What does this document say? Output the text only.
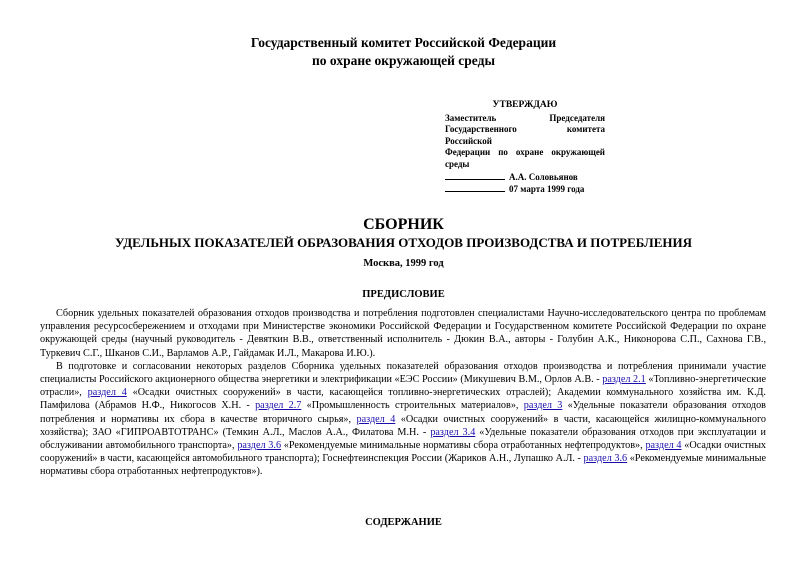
Государственный комитет Российской Федерации
по охране окружающей среды
УТВЕРЖДАЮ
Заместитель Председателя
Государственного комитета Российской
Федерации по охране окружающей
среды
А.А. Соловьянов
07 марта 1999 года
СБОРНИК
УДЕЛЬНЫХ ПОКАЗАТЕЛЕЙ ОБРАЗОВАНИЯ ОТХОДОВ ПРОИЗВОДСТВА И ПОТРЕБЛЕНИЯ
Москва, 1999 год
ПРЕДИСЛОВИЕ

Сборник удельных показателей образования отходов производства и потребления подготовлен специалистами Научно-исследовательского центра по проблемам управления ресурсосбережением и отходами при Министерстве экономики Российской Федерации и Государственном комитете Российской Федерации по охране окружающей среды (научный руководитель - Девяткин В.В., ответственный исполнитель - Дюкин В.А., авторы - Голубин А.К., Никонорова С.П., Сахнова Г.В., Туркевич С.Г., Шканов С.И., Варламов А.Р., Гайдамак И.Л., Макарова И.Ю.).

В подготовке и согласовании некоторых разделов Сборника удельных показателей образования отходов производства и потребления принимали участие специалисты Российского акционерного общества энергетики и электрификации «ЕЭС России» (Микушевич В.М., Орлов А.В. - раздел 2.1 «Топливно-энергетические отрасли», раздел 4 «Осадки очистных сооружений» в части, касающейся топливно-энергетических отраслей); Академии коммунального хозяйства им. К.Д. Памфилова (Абрамов Н.Ф., Никогосов Х.Н. - раздел 2.7 «Промышленность строительных материалов», раздел 3 «Удельные показатели образования отходов потребления и нормативы их сбора в качестве вторичного сырья», раздел 4 «Осадки очистных сооружений» в части, касающейся жилищно-коммунального хозяйства); ЗАО «ГИПРОАВТОТРАНС» (Темкин А.Л., Маслов А.А., Филатова М.Н. - раздел 3.4 «Удельные показатели образования отходов при эксплуатации и обслуживании автомобильного транспорта», раздел 3.6 «Рекомендуемые минимальные нормативы сбора отработанных нефтепродуктов», раздел 4 «Осадки очистных сооружений» в части, касающейся автомобильного транспорта); Госнефтеинспекция России (Жариков А.Н., Лупашко А.Л. - раздел 3.6 «Рекомендуемые минимальные нормативы сбора отработанных нефтепродуктов»).

СОДЕРЖАНИЕ
